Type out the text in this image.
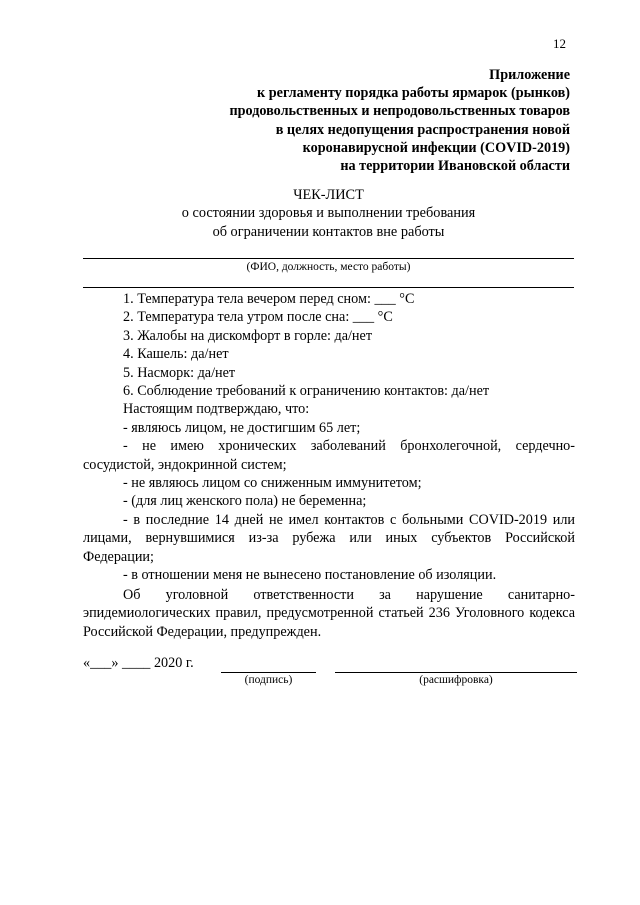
12
Приложение
к регламенту порядка работы ярмарок (рынков)
продовольственных и непродовольственных товаров
в целях недопущения распространения новой
коронавирусной инфекции (COVID-2019)
на территории Ивановской области
ЧЕК-ЛИСТ
о состоянии здоровья и выполнении требования
об ограничении контактов вне работы
(ФИО, должность, место работы)

1. Температура тела вечером перед сном: ___ °С

2. Температура тела утром после сна: ___ °С

3. Жалобы на дискомфорт в горле: да/нет

4. Кашель: да/нет

5. Насморк: да/нет

6. Соблюдение требований к ограничению контактов: да/нет

Настоящим подтверждаю, что:

- являюсь лицом, не достигшим 65 лет;

- не имею хронических заболеваний бронхолегочной, сердечно-сосудистой, эндокринной систем;

- не являюсь лицом со сниженным иммунитетом;

- (для лиц женского пола) не беременна;

- в последние 14 дней не имел контактов с больными COVID-2019 или лицами, вернувшимися из-за рубежа или иных субъектов Российской Федерации;

- в отношении меня не вынесено постановление об изоляции.

Об уголовной ответственности за нарушение санитарно-эпидемиологических правил, предусмотренной статьей 236 Уголовного кодекса Российской Федерации, предупрежден.

«___» ____ 2020 г.
(подпись)	(расшифровка)
